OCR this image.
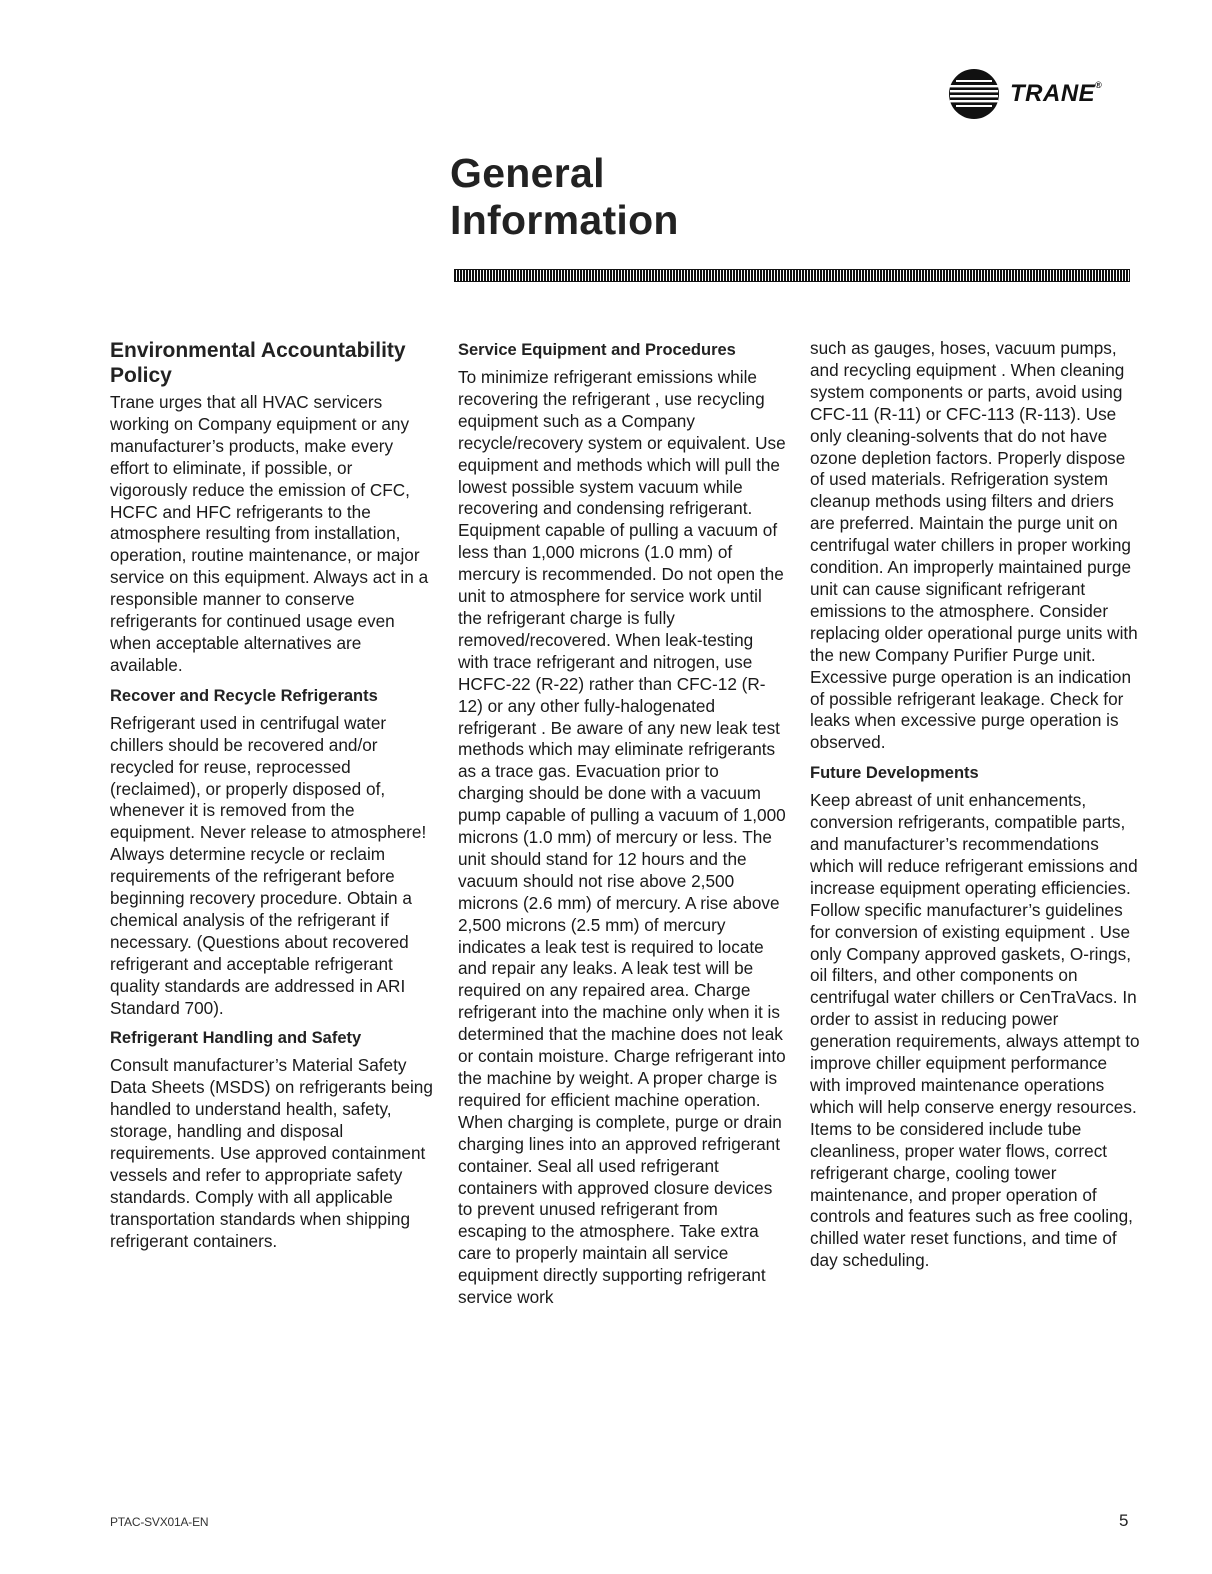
TRANE®
General
Information
Environmental Accountability Policy

Trane urges that all HVAC servicers working on Company equipment or any manufacturer’s products, make every effort to eliminate, if possible, or vigorously reduce the emission of CFC, HCFC and HFC refrigerants to the atmosphere resulting from installation, operation, routine maintenance, or major service on this equipment. Always act in a responsible manner to conserve refrigerants for continued usage even when acceptable alternatives are available.

Recover and Recycle Refrigerants

Refrigerant used in centrifugal water chillers should be recovered and/or recycled for reuse, reprocessed (reclaimed), or properly disposed of, whenever it is removed from the equipment. Never release to atmosphere! Always determine recycle or reclaim requirements of the refrigerant before beginning recovery procedure. Obtain a chemical analysis of the refrigerant if necessary. (Questions about recovered refrigerant and acceptable refrigerant quality standards are addressed in ARI Standard 700).

Refrigerant Handling and Safety

Consult manufacturer’s Material Safety Data Sheets (MSDS) on refrigerants being handled to understand health, safety, storage, handling and disposal requirements. Use approved containment vessels and refer to appropriate safety standards. Comply with all applicable transportation standards when shipping refrigerant containers.

Service Equipment and Procedures

To minimize refrigerant emissions while recovering the refrigerant , use recycling equipment such as a Company recycle/recovery system or equivalent. Use equipment and methods which will pull the lowest possible system vacuum while recovering and condensing refrigerant. Equipment capable of pulling a vacuum of less than 1,000 microns (1.0 mm) of mercury is recommended. Do not open the unit to atmosphere for service work until the refrigerant charge is fully removed/recovered. When leak-testing with trace refrigerant and nitrogen, use HCFC-22 (R-22) rather than CFC-12 (R-12) or any other fully-halogenated refrigerant . Be aware of any new leak test methods which may eliminate refrigerants as a trace gas. Evacuation prior to charging should be done with a vacuum pump capable of pulling a vacuum of 1,000 microns (1.0 mm) of mercury or less. The unit should stand for 12 hours and the vacuum should not rise above 2,500 microns (2.6 mm) of mercury. A rise above 2,500 microns (2.5 mm) of mercury indicates a leak test is required to locate and repair any leaks. A leak test will be required on any repaired area. Charge refrigerant into the machine only when it is determined that the machine does not leak or contain moisture. Charge refrigerant into the machine by weight. A proper charge is required for efficient machine operation. When charging is complete, purge or drain charging lines into an approved refrigerant container. Seal all used refrigerant containers with approved closure devices to prevent unused refrigerant from escaping to the atmosphere. Take extra care to properly maintain all service equipment directly supporting refrigerant service work

such as gauges, hoses, vacuum pumps, and recycling equipment . When cleaning system components or parts, avoid using CFC-11 (R-11) or CFC-113 (R-113). Use only cleaning-solvents that do not have ozone depletion factors. Properly dispose of used materials. Refrigeration system cleanup methods using filters and driers are preferred. Maintain the purge unit on centrifugal water chillers in proper working condition. An improperly maintained purge unit can cause significant refrigerant emissions to the atmosphere. Consider replacing older operational purge units with the new Company Purifier Purge unit. Excessive purge operation is an indication of possible refrigerant leakage. Check for leaks when excessive purge operation is observed.

Future Developments

Keep abreast of unit enhancements, conversion refrigerants, compatible parts, and manufacturer’s recommendations which will reduce refrigerant emissions and increase equipment operating efficiencies. Follow specific manufacturer’s guidelines for conversion of existing equipment . Use only Company approved gaskets, O-rings, oil filters, and other components on centrifugal water chillers or CenTraVacs. In order to assist in reducing power generation requirements, always attempt to improve chiller equipment performance with improved maintenance operations which will help conserve energy resources. Items to be considered include tube cleanliness, proper water flows, correct refrigerant charge, cooling tower maintenance, and proper operation of controls and features such as free cooling, chilled water reset functions, and time of day scheduling.

PTAC-SVX01A-EN	5
